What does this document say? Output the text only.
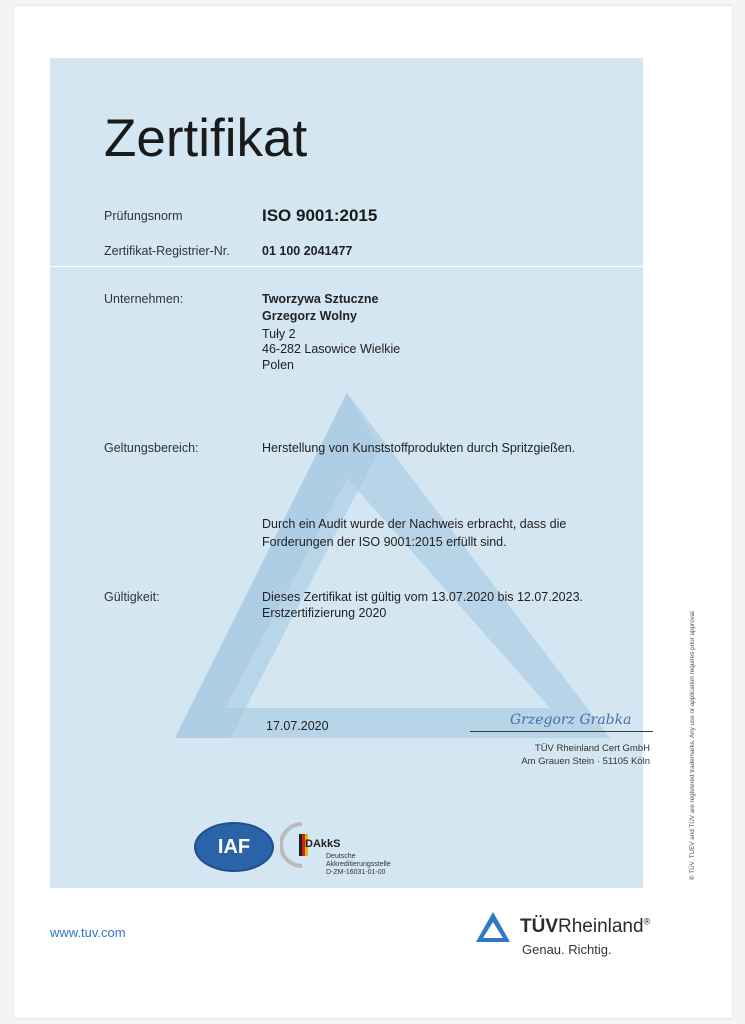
Zertifikat
Prüfungsnorm	ISO 9001:2015
Zertifikat-Registrier-Nr.	01 100 2041477
Unternehmen:	Tworzywa Sztuczne
Grzegorz Wolny
Tuły 2
46-282 Lasowice Wielkie
Polen
Geltungsbereich:	Herstellung von Kunststoffprodukten durch Spritzgießen.
Durch ein Audit wurde der Nachweis erbracht, dass die
Forderungen der ISO 9001:2015 erfüllt sind.
Gültigkeit:	Dieses Zertifikat ist gültig vom 13.07.2020 bis 12.07.2023.
Erstzertifizierung 2020
17.07.2020	Grzegorz Grabka
TÜV Rheinland Cert GmbH
Am Grauen Stein · 51105 Köln
IAF	DAkkS
Deutsche
Akkreditierungsstelle
D-ZM-16031-01-00
www.tuv.com	TÜVRheinland®
Genau. Richtig.
® TÜV, TUEV and TUV are registered trademarks. Any use or application requires prior approval.
